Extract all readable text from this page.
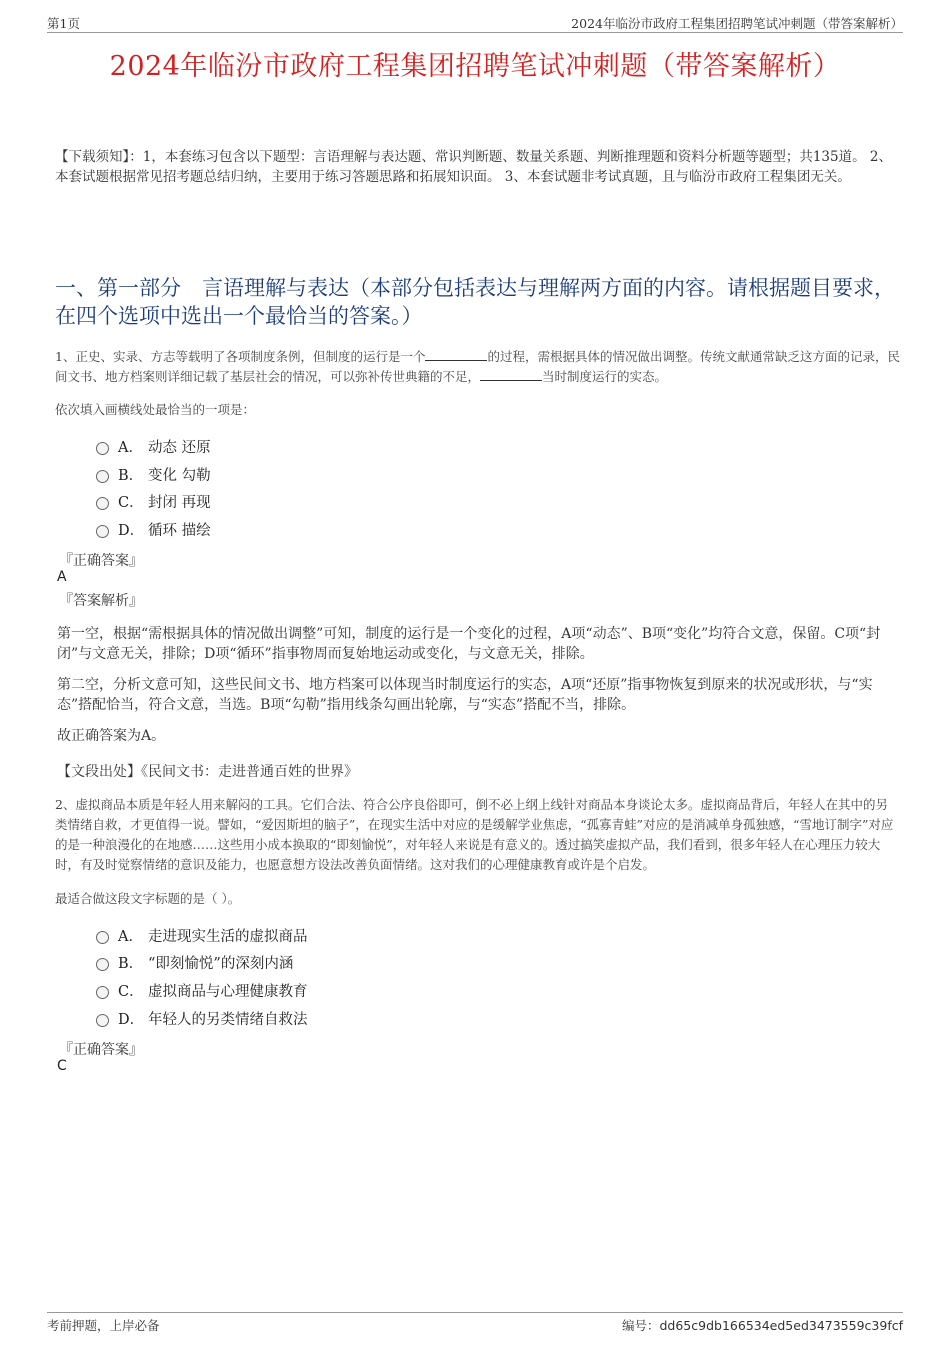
第1页	2024年临汾市政府工程集团招聘笔试冲刺题（带答案解析）
2024年临汾市政府工程集团招聘笔试冲刺题（带答案解析）
【下载须知】：1，本套练习包含以下题型：言语理解与表达题、常识判断题、数量关系题、判断推理题和资料分析题等题型；共135道。 2、本套试题根据常见招考题总结归纳，主要用于练习答题思路和拓展知识面。 3、本套试题非考试真题，且与临汾市政府工程集团无关。
一、第一部分　言语理解与表达（本部分包括表达与理解两方面的内容。请根据题目要求，在四个选项中选出一个最恰当的答案。）
1、正史、实录、方志等载明了各项制度条例，但制度的运行是一个	的过程，需根据具体的情况做出调整。传统文献通常缺乏这方面的记录，民间文书、地方档案则详细记载了基层社会的情况，可以弥补传世典籍的不足，	当时制度运行的实态。
依次填入画横线处最恰当的一项是：
A． 动态 还原
B． 变化 勾勒
C． 封闭 再现
D． 循环 描绘
『正确答案』
A
『答案解析』
第一空，根据“需根据具体的情况做出调整”可知，制度的运行是一个变化的过程，A项“动态”、B项“变化”均符合文意，保留。C项“封闭”与文意无关，排除；D项“循环”指事物周而复始地运动或变化，与文意无关，排除。
第二空，分析文意可知，这些民间文书、地方档案可以体现当时制度运行的实态，A项“还原”指事物恢复到原来的状况或形状，与“实态”搭配恰当，符合文意，当选。B项“勾勒”指用线条勾画出轮廓，与“实态”搭配不当，排除。
故正确答案为A。
【文段出处】《民间文书：走进普通百姓的世界》
2、虚拟商品本质是年轻人用来解闷的工具。它们合法、符合公序良俗即可，倒不必上纲上线针对商品本身谈论太多。虚拟商品背后，年轻人在其中的另类情绪自救，才更值得一说。譬如，“爱因斯坦的脑子”，在现实生活中对应的是缓解学业焦虑，“孤寡青蛙”对应的是消减单身孤独感，“雪地订制字”对应的是一种浪漫化的在地感……这些用小成本换取的“即刻愉悦”，对年轻人来说是有意义的。透过搞笑虚拟产品，我们看到，很多年轻人在心理压力较大时，有及时觉察情绪的意识及能力，也愿意想方设法改善负面情绪。这对我们的心理健康教育或许是个启发。
最适合做这段文字标题的是（ ）。
A． 走进现实生活的虚拟商品
B． “即刻愉悦”的深刻内涵
C． 虚拟商品与心理健康教育
D． 年轻人的另类情绪自救法
『正确答案』
C
考前押题，上岸必备	编号：dd65c9db166534ed5ed3473559c39fcf
